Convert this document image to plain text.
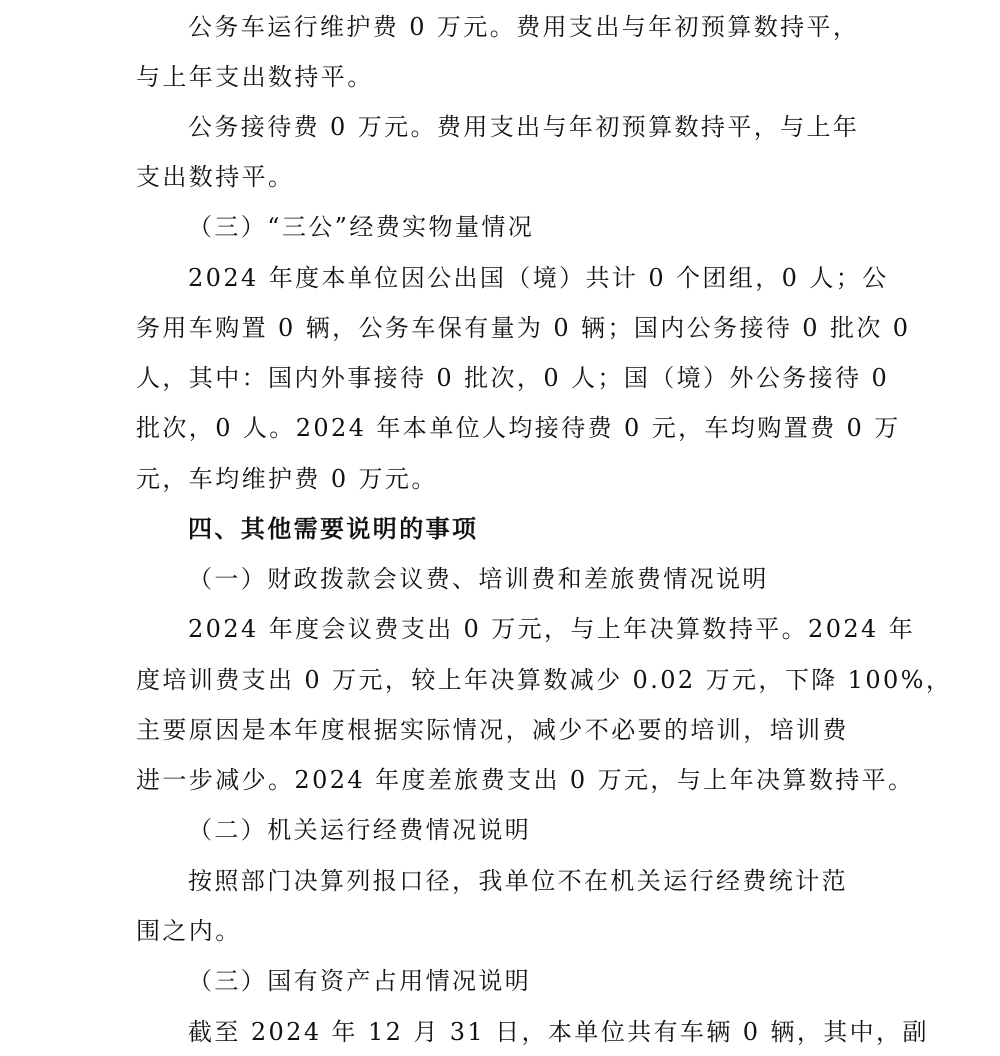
公务车运行维护费 0 万元。费用支出与年初预算数持平，
与上年支出数持平。
公务接待费 0 万元。费用支出与年初预算数持平，与上年
支出数持平。
（三）“三公”经费实物量情况
2024 年度本单位因公出国（境）共计 0 个团组，0 人；公
务用车购置 0 辆，公务车保有量为 0 辆；国内公务接待 0 批次 0
人，其中：国内外事接待 0 批次，0 人；国（境）外公务接待 0
批次，0 人。2024 年本单位人均接待费 0 元，车均购置费 0 万
元，车均维护费 0 万元。
四、其他需要说明的事项
（一）财政拨款会议费、培训费和差旅费情况说明
2024 年度会议费支出 0 万元，与上年决算数持平。2024 年
度培训费支出 0 万元，较上年决算数减少 0.02 万元，下降 100%，
主要原因是本年度根据实际情况，减少不必要的培训，培训费
进一步减少。2024 年度差旅费支出 0 万元，与上年决算数持平。
（二）机关运行经费情况说明
按照部门决算列报口径，我单位不在机关运行经费统计范
围之内。
（三）国有资产占用情况说明
截至 2024 年 12 月 31 日，本单位共有车辆 0 辆，其中，副
